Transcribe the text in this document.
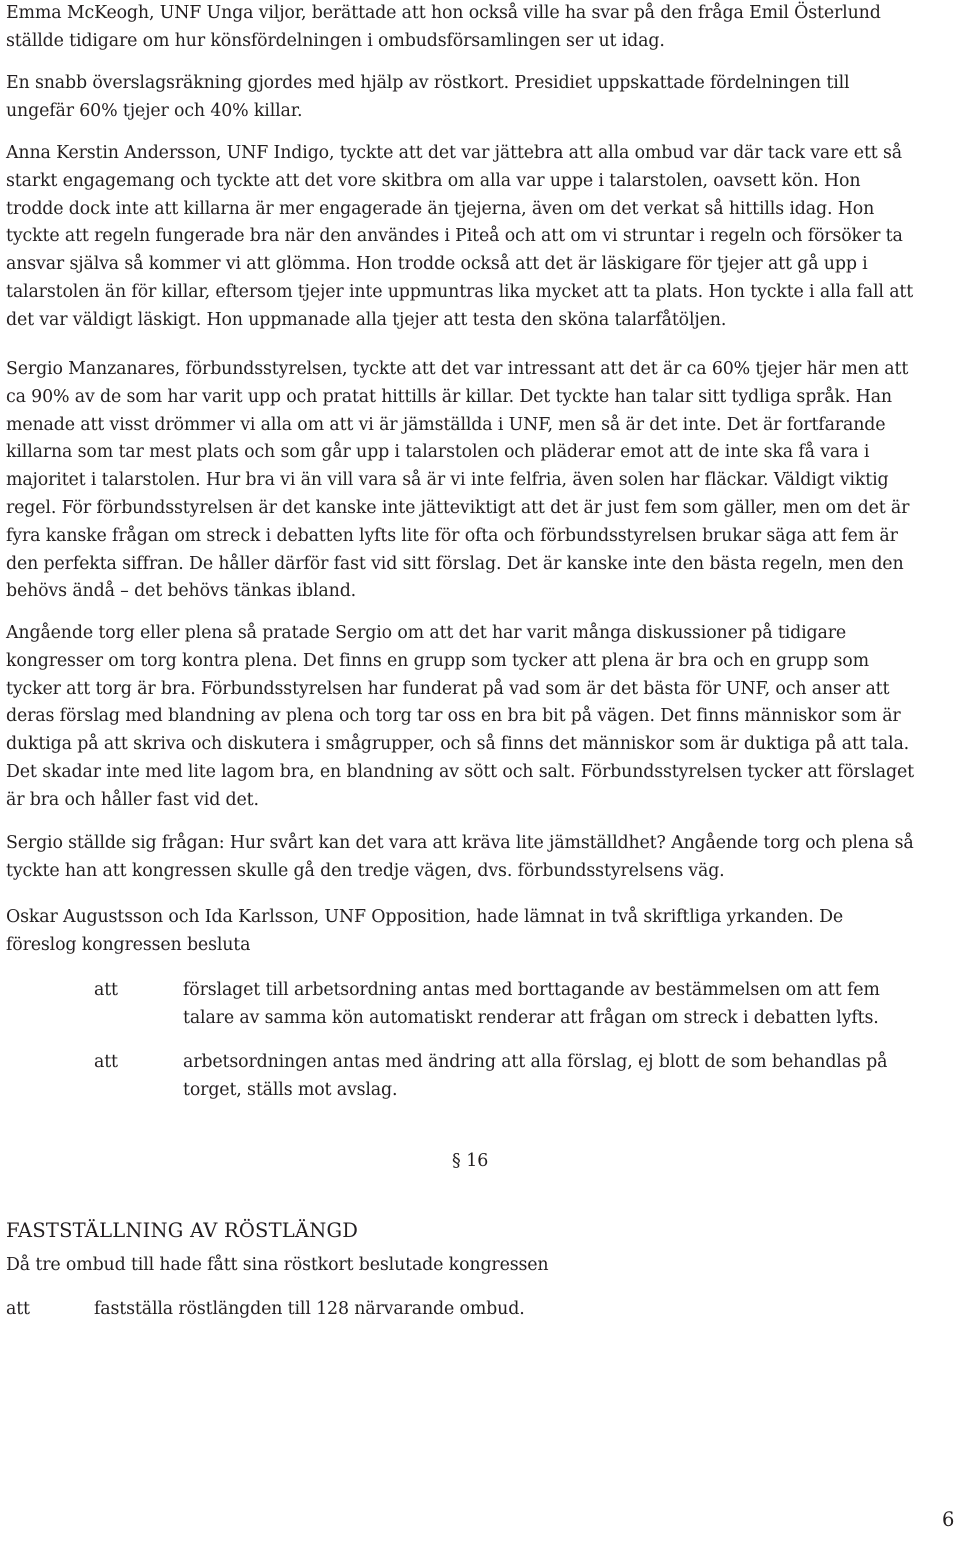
Emma McKeogh, UNF Unga viljor, berättade att hon också ville ha svar på den fråga Emil Österlund
ställde tidigare om hur könsfördelningen i ombudsförsamlingen ser ut idag.

En snabb överslagsräkning gjordes med hjälp av röstkort. Presidiet uppskattade fördelningen till
ungefär 60% tjejer och 40% killar.

Anna Kerstin Andersson, UNF Indigo, tyckte att det var jättebra att alla ombud var där tack vare ett så
starkt engagemang och tyckte att det vore skitbra om alla var uppe i talarstolen, oavsett kön. Hon
trodde dock inte att killarna är mer engagerade än tjejerna, även om det verkat så hittills idag. Hon
tyckte att regeln fungerade bra när den användes i Piteå och att om vi struntar i regeln och försöker ta
ansvar själva så kommer vi att glömma. Hon trodde också att det är läskigare för tjejer att gå upp i
talarstolen än för killar, eftersom tjejer inte uppmuntras lika mycket att ta plats. Hon tyckte i alla fall att
det var väldigt läskigt. Hon uppmanade alla tjejer att testa den sköna talarfåtöljen.

Sergio Manzanares, förbundsstyrelsen, tyckte att det var intressant att det är ca 60% tjejer här men att
ca 90% av de som har varit upp och pratat hittills är killar. Det tyckte han talar sitt tydliga språk. Han
menade att visst drömmer vi alla om att vi är jämställda i UNF, men så är det inte. Det är fortfarande
killarna som tar mest plats och som går upp i talarstolen och pläderar emot att de inte ska få vara i
majoritet i talarstolen. Hur bra vi än vill vara så är vi inte felfria, även solen har fläckar. Väldigt viktig
regel. För förbundsstyrelsen är det kanske inte jätteviktigt att det är just fem som gäller, men om det är
fyra kanske frågan om streck i debatten lyfts lite för ofta och förbundsstyrelsen brukar säga att fem är
den perfekta siffran. De håller därför fast vid sitt förslag. Det är kanske inte den bästa regeln, men den
behövs ändå – det behövs tänkas ibland.

Angående torg eller plena så pratade Sergio om att det har varit många diskussioner på tidigare
kongresser om torg kontra plena. Det finns en grupp som tycker att plena är bra och en grupp som
tycker att torg är bra. Förbundsstyrelsen har funderat på vad som är det bästa för UNF, och anser att
deras förslag med blandning av plena och torg tar oss en bra bit på vägen. Det finns människor som är
duktiga på att skriva och diskutera i smågrupper, och så finns det människor som är duktiga på att tala.
Det skadar inte med lite lagom bra, en blandning av sött och salt. Förbundsstyrelsen tycker att förslaget
är bra och håller fast vid det.

Sergio ställde sig frågan: Hur svårt kan det vara att kräva lite jämställdhet? Angående torg och plena så
tyckte han att kongressen skulle gå den tredje vägen, dvs. förbundsstyrelsens väg.

Oskar Augustsson och Ida Karlsson, UNF Opposition, hade lämnat in två skriftliga yrkanden. De
föreslog kongressen besluta

att	förslaget till arbetsordning antas med borttagande av bestämmelsen om att fem
talare av samma kön automatiskt renderar att frågan om streck i debatten lyfts.
att	arbetsordningen antas med ändring att alla förslag, ej blott de som behandlas på
torget, ställs mot avslag.
§ 16
FASTSTÄLLNING AV RÖSTLÄNGD

Då tre ombud till hade fått sina röstkort beslutade kongressen

att	fastställa röstlängden till 128 närvarande ombud.
6
